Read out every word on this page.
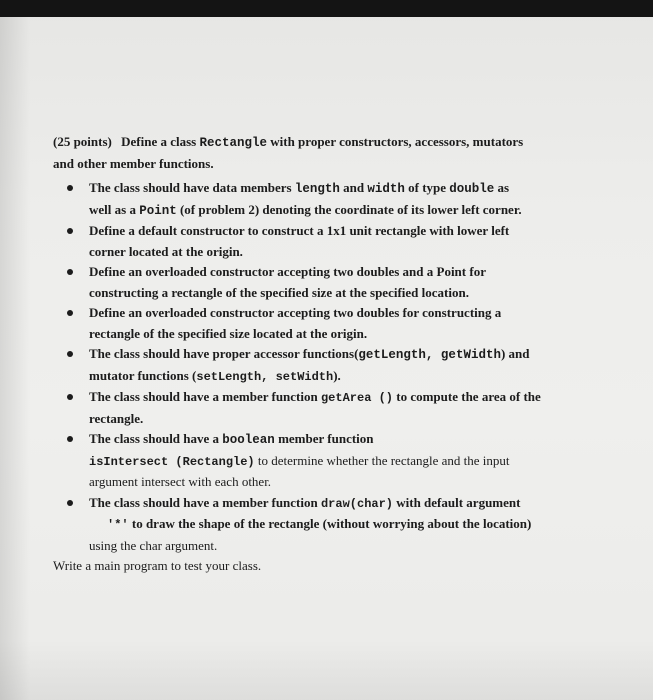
(25 points) Define a class Rectangle with proper constructors, accessors, mutators
and other member functions.
The class should have data members length and width of type double as
well as a Point (of problem 2) denoting the coordinate of its lower left corner.
Define a default constructor to construct a 1x1 unit rectangle with lower left
corner located at the origin.
Define an overloaded constructor accepting two doubles and a Point for
constructing a rectangle of the specified size at the specified location.
Define an overloaded constructor accepting two doubles for constructing a
rectangle of the specified size located at the origin.
The class should have proper accessor functions(getLength, getWidth) and
mutator functions (setLength, setWidth).
The class should have a member function getArea () to compute the area of the
rectangle.
The class should have a boolean member function
isIntersect (Rectangle) to determine whether the rectangle and the input
argument intersect with each other.
The class should have a member function draw(char) with default argument
'*' to draw the shape of the rectangle (without worrying about the location)
using the char argument.
Write a main program to test your class.
